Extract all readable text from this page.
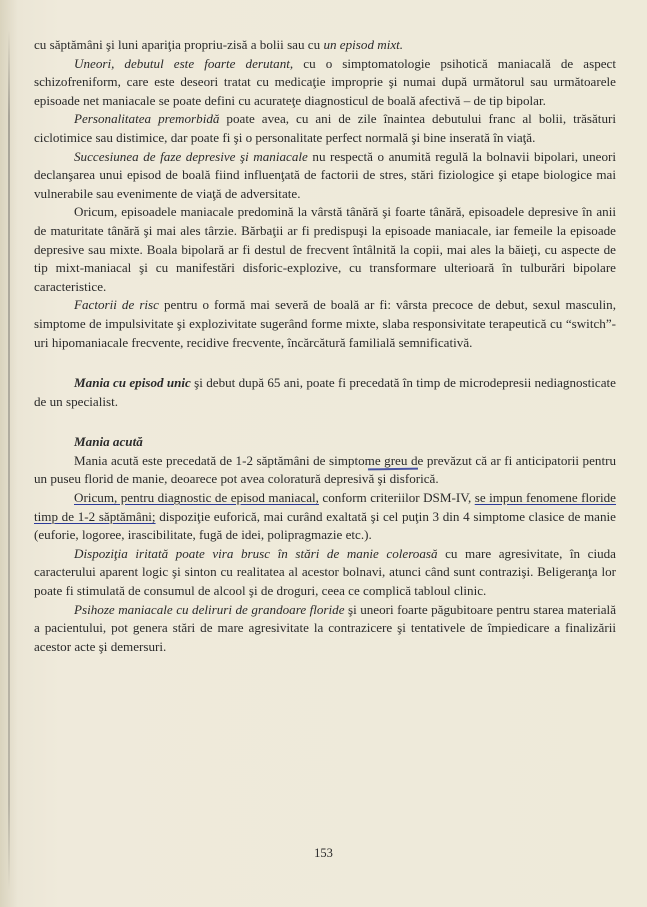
cu săptămâni şi luni apariţia propriu-zisă a bolii sau cu un episod mixt.

Uneori, debutul este foarte derutant, cu o simptomatologie psihotică maniacală de aspect schizofreniform, care este deseori tratat cu medicaţie improprie şi numai după următorul sau următoarele episoade net maniacale se poate defini cu acurateţe diagnosticul de boală afectivă – de tip bipolar.

Personalitatea premorbidă poate avea, cu ani de zile înaintea debutului franc al bolii, trăsături ciclotimice sau distimice, dar poate fi şi o personalitate perfect normală şi bine inserată în viaţă.

Succesiunea de faze depresive şi maniacale nu respectă o anumită regulă la bolnavii bipolari, uneori declanşarea unui episod de boală fiind influenţată de factorii de stres, stări fiziologice şi etape biologice mai vulnerabile sau evenimente de viaţă de adversitate.

Oricum, episoadele maniacale predomină la vârstă tânără şi foarte tânără, episoadele depresive în anii de maturitate tânără şi mai ales târzie. Bărbaţii ar fi predispuşi la episoade maniacale, iar femeile la episoade depresive sau mixte. Boala bipolară ar fi destul de frecvent întâlnită la copii, mai ales la băieţi, cu aspecte de tip mixt-maniacal şi cu manifestări disforic-explozive, cu transformare ulterioară în tulburări bipolare caracteristice.

Factorii de risc pentru o formă mai severă de boală ar fi: vârsta precoce de debut, sexul masculin, simptome de impulsivitate şi explozivitate sugerând forme mixte, slaba responsivitate terapeutică cu “switch”-uri hipomaniacale frecvente, recidive frecvente, încărcătură familială semnificativă.

Mania cu episod unic şi debut după 65 ani, poate fi precedată în timp de microdepresii nediagnosticate de un specialist.

Mania acută

Mania acută este precedată de 1-2 săptămâni de simptome greu de prevăzut că ar fi anticipatorii pentru un puseu florid de manie, deoarece pot avea coloratură depresivă şi disforică.

Oricum, pentru diagnostic de episod maniacal, conform criteriilor DSM-IV, se impun fenomene floride timp de 1-2 săptămâni; dispoziţie euforică, mai curând exaltată şi cel puţin 3 din 4 simptome clasice de manie (euforie, logoree, irascibilitate, fugă de idei, polipragmazie etc.).

Dispoziţia iritată poate vira brusc în stări de manie coleroasă cu mare agresivitate, în ciuda caracterului aparent logic şi sinton cu realitatea al acestor bolnavi, atunci când sunt contrazişi. Beligeranţa lor poate fi stimulată de consumul de alcool şi de droguri, ceea ce complică tabloul clinic.

Psihoze maniacale cu deliruri de grandoare floride şi uneori foarte păgubitoare pentru starea materială a pacientului, pot genera stări de mare agresivitate la contrazicere şi tentativele de împiedicare a finalizării acestor acte şi demersuri.

153
